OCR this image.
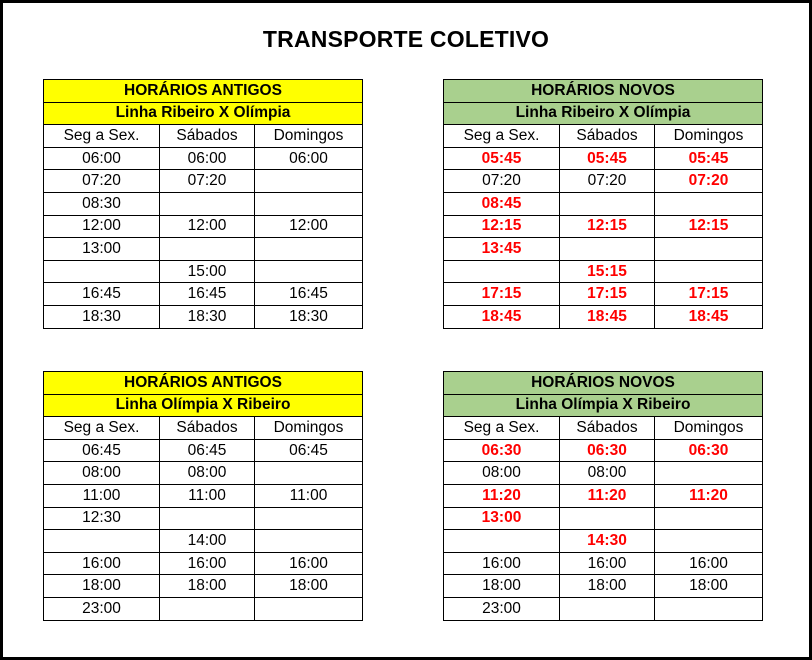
TRANSPORTE COLETIVO
HORÁRIOS ANTIGOS		
Linha Ribeiro X Olímpia		
Seg a Sex.	Sábados	Domingos
06:00	06:00	06:00
07:20	07:20	
08:30		
12:00	12:00	12:00
13:00		
	15:00	
16:45	16:45	16:45
18:30	18:30	18:30
HORÁRIOS NOVOS		
Linha Ribeiro X Olímpia		
Seg a Sex.	Sábados	Domingos
05:45	05:45	05:45
07:20	07:20	07:20
08:45		
12:15	12:15	12:15
13:45		
	15:15	
17:15	17:15	17:15
18:45	18:45	18:45
HORÁRIOS ANTIGOS		
Linha Olímpia X Ribeiro		
Seg a Sex.	Sábados	Domingos
06:45	06:45	06:45
08:00	08:00	
11:00	11:00	11:00
12:30		
	14:00	
16:00	16:00	16:00
18:00	18:00	18:00
23:00		
HORÁRIOS NOVOS		
Linha Olímpia X Ribeiro		
Seg a Sex.	Sábados	Domingos
06:30	06:30	06:30
08:00	08:00	
11:20	11:20	11:20
13:00		
	14:30	
16:00	16:00	16:00
18:00	18:00	18:00
23:00		
